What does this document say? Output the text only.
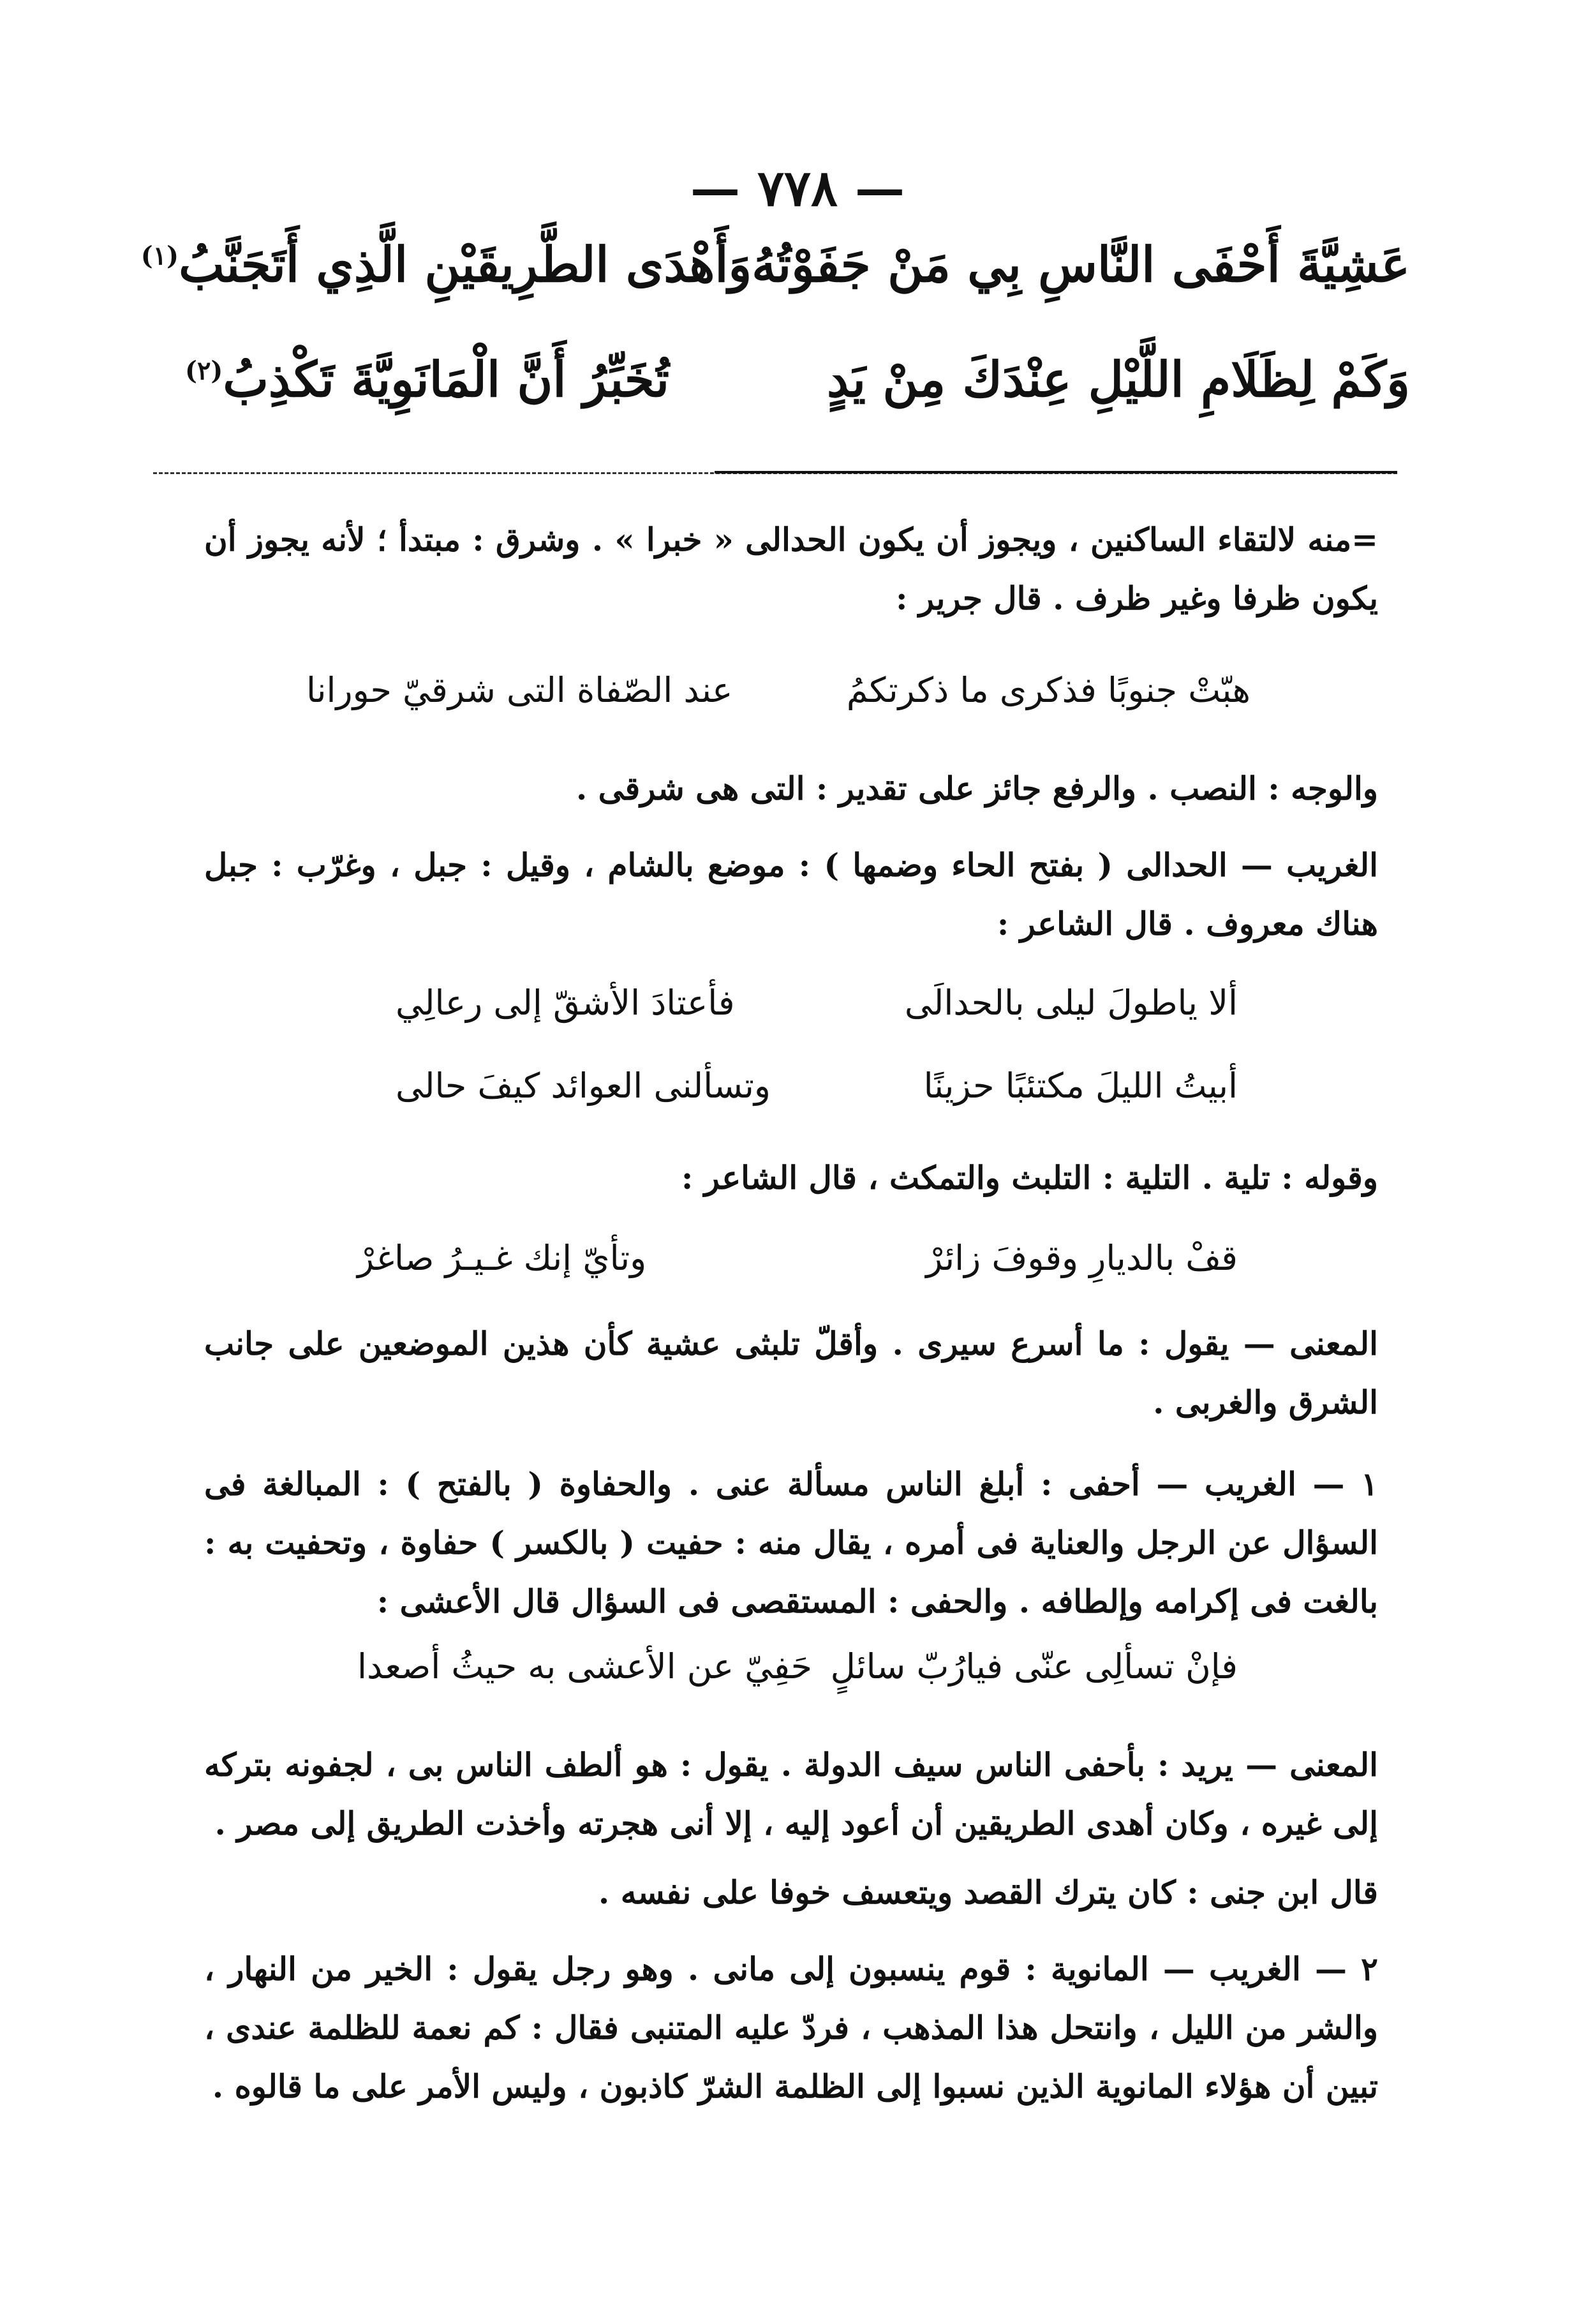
— ٧٧٨ —
عَشِيَّةَ أَحْفَى النَّاسِ بِي مَنْ جَفَوْتُهُ
وَأَهْدَى الطَّرِيقَيْنِ الَّذِي أَتَجَنَّبُ$^{(١)}$
وَكَمْ لِظَلَامِ اللَّيْلِ عِنْدَكَ مِنْ يَدٍ
تُخَبِّرُ أَنَّ الْمَانَوِيَّةَ تَكْذِبُ$^{(٢)}$
=منه لالتقاء الساكنين ، ويجوز أن يكون الحدالى « خبرا » . وشرق : مبتدأ ؛ لأنه يجوز أن يكون ظرفا وغير ظرف . قال جرير :
هبّتْ جنوبًا فذكرى ما ذكرتكمُ
عند الصّفاة التى شرقيّ حورانا
والوجه : النصب . والرفع جائز على تقدير : التى هى شرقى .
الغريب — الحدالى ( بفتح الحاء وضمها ) : موضع بالشام ، وقيل : جبل ، وغرّب : جبل هناك معروف . قال الشاعر :
ألا ياطولَ ليلى بالحدالَى
فأعتادَ الأشقّ إلى رعالِي
أبيتُ الليلَ مكتئبًا حزينًا
وتسألنى العوائد كيفَ حالى
وقوله : تلية . التلية : التلبث والتمكث ، قال الشاعر :
قفْ بالديارِ وقوفَ زائرْ
وتأيّ إنك غـيـرُ صاغرْ
المعنى — يقول : ما أسرع سيرى . وأقلّ تلبثى عشية كأن هذين الموضعين على جانب الشرق والغربى .
١ — الغريب — أحفى : أبلغ الناس مسألة عنى . والحفاوة ( بالفتح ) : المبالغة فى السؤال عن الرجل والعناية فى أمره ، يقال منه : حفيت ( بالكسر ) حفاوة ، وتحفيت به : بالغت فى إكرامه وإلطافه . والحفى : المستقصى فى السؤال قال الأعشى :
فإنْ تسألِى عنّى فيارُبّ سائلٍ
حَفِيّ عن الأعشى به حيثُ أصعدا
المعنى — يريد : بأحفى الناس سيف الدولة . يقول : هو ألطف الناس بى ، لجفونه بتركه إلى غيره ، وكان أهدى الطريقين أن أعود إليه ، إلا أنى هجرته وأخذت الطريق إلى مصر .
قال ابن جنى : كان يترك القصد ويتعسف خوفا على نفسه .
٢ — الغريب — المانوية : قوم ينسبون إلى مانى . وهو رجل يقول : الخير من النهار ، والشر من الليل ، وانتحل هذا المذهب ، فردّ عليه المتنبى فقال : كم نعمة للظلمة عندى ، تبين أن هؤلاء المانوية الذين نسبوا إلى الظلمة الشرّ كاذبون ، وليس الأمر على ما قالوه .
